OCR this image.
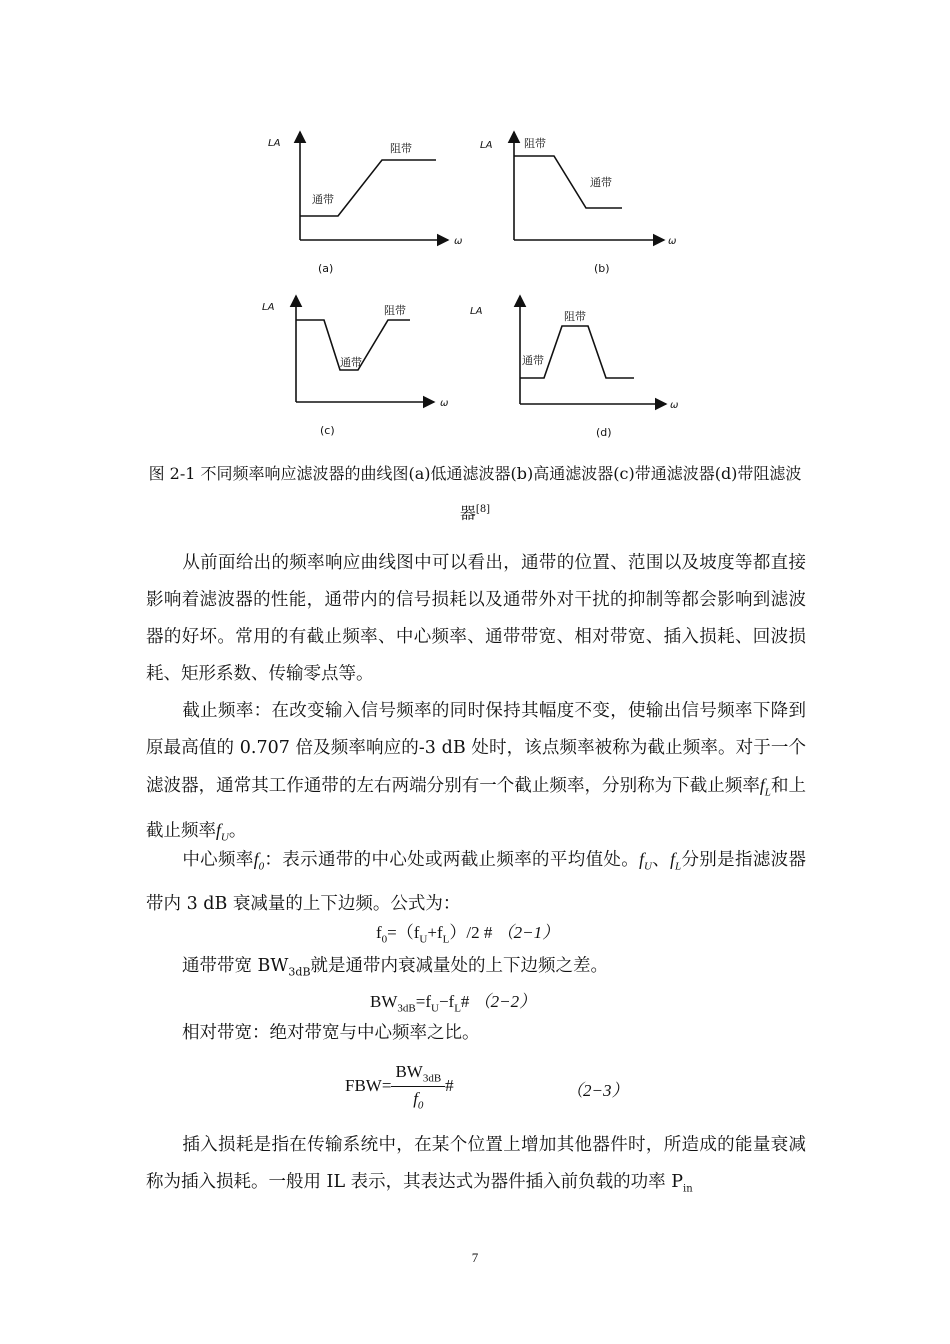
LA
ω
通带
阻带
(a)
LA
ω
阻带
通带
(b)
LA
ω
阻带
通带
(c)
LA
ω
阻带
通带
(d)
图 2-1 不同频率响应滤波器的曲线图(a)低通滤波器(b)高通滤波器(c)带通滤波器(d)带阻滤波
器[8]
从前面给出的频率响应曲线图中可以看出，通带的位置、范围以及坡度等都直接影响着滤波器的性能，通带内的信号损耗以及通带外对干扰的抑制等都会影响到滤波器的好坏。常用的有截止频率、中心频率、通带带宽、相对带宽、插入损耗、回波损耗、矩形系数、传输零点等。
截止频率：在改变输入信号频率的同时保持其幅度不变，使输出信号频率下降到原最高值的 0.707 倍及频率响应的-3 dB 处时，该点频率被称为截止频率。对于一个滤波器，通常其工作通带的左右两端分别有一个截止频率，分别称为下截止频率$f_L$和上截止频率$f_U$。
中心频率$f_0$：表示通带的中心处或两截止频率的平均值处。$f_U$、$f_L$分别是指滤波器带内 3 dB 衰减量的上下边频。公式为：
$f_0=(f_U+f_L)/2$ # （2−1）
通带带宽 $BW_{3dB}$就是通带内衰减量处的上下边频之差。
$BW_{3dB}=f_U-f_L\#$ （2−2）
相对带宽：绝对带宽与中心频率之比。
$FBW= \frac{BW_{3dB}}{f_0}$ #	（2−3）
插入损耗是指在传输系统中，在某个位置上增加其他器件时，所造成的能量衰减称为插入损耗。一般用 IL 表示，其表达式为器件插入前负载的功率 $P_{in}$
7
